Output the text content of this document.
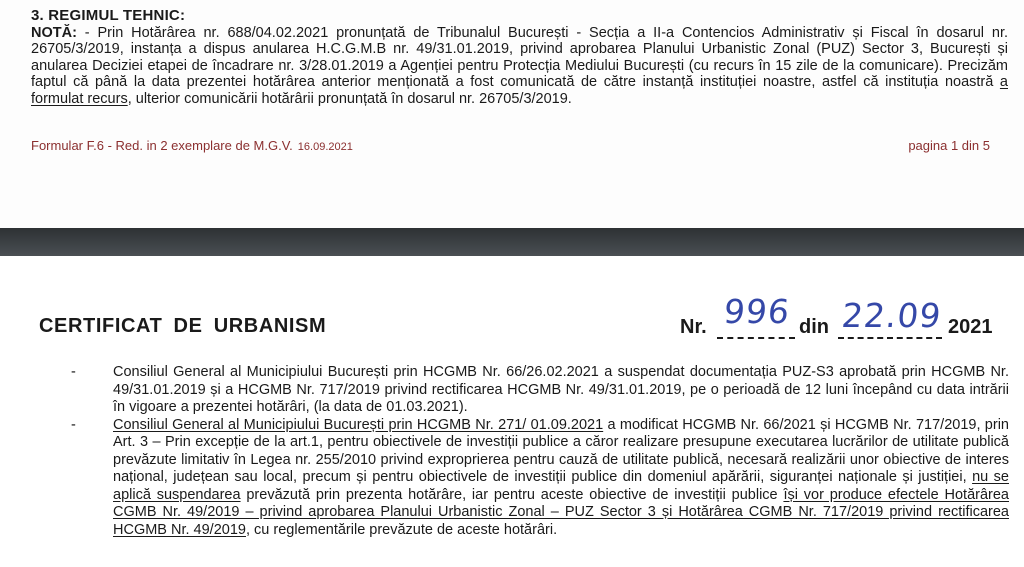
3. REGIMUL TEHNIC:

NOTĂ: - Prin Hotărârea nr. 688/04.02.2021 pronunțată de Tribunalul București - Secția a II-a Contencios Administrativ și Fiscal în dosarul nr. 26705/3/2019, instanța a dispus anularea H.C.G.M.B nr. 49/31.01.2019, privind aprobarea Planului Urbanistic Zonal (PUZ) Sector 3, București și anularea Deciziei etapei de încadrare nr. 3/28.01.2019 a Agenției pentru Protecția Mediului București (cu recurs în 15 zile de la comunicare). Precizăm faptul că până la data prezentei hotărârea anterior menționată a fost comunicată de către instanță instituției noastre, astfel că instituția noastră a formulat recurs, ulterior comunicării hotărârii pronunțată în dosarul nr. 26705/3/2019.

Formular F.6 - Red. in 2 exemplare de M.G.V. 16.09.2021	pagina 1 din 5
CERTIFICAT DE URBANISM	Nr. 996 din 22.09 2021
-	Consiliul General al Municipiului București prin HCGMB Nr. 66/26.02.2021 a suspendat documentația PUZ-S3 aprobată prin HCGMB Nr. 49/31.01.2019 și a HCGMB Nr. 717/2019 privind rectificarea HCGMB Nr. 49/31.01.2019, pe o perioadă de 12 luni începând cu data intrării în vigoare a prezentei hotărâri, (la data de 01.03.2021).

-	Consiliul General al Municipiului București prin HCGMB Nr. 271/ 01.09.2021 a modificat HCGMB Nr. 66/2021 și HCGMB Nr. 717/2019, prin Art. 3 – Prin excepție de la art.1, pentru obiectivele de investiții publice a căror realizare presupune executarea lucrărilor de utilitate publică prevăzute limitativ în Legea nr. 255/2010 privind exproprierea pentru cauză de utilitate publică, necesară realizării unor obiective de interes național, județean sau local, precum și pentru obiectivele de investiții publice din domeniul apărării, siguranței naționale și justiției, nu se aplică suspendarea prevăzută prin prezenta hotărâre, iar pentru aceste obiective de investiții publice își vor produce efectele Hotărârea CGMB Nr. 49/2019 – privind aprobarea Planului Urbanistic Zonal – PUZ Sector 3 și Hotărârea CGMB Nr. 717/2019 privind rectificarea HCGMB Nr. 49/2019, cu reglementările prevăzute de aceste hotărâri.
